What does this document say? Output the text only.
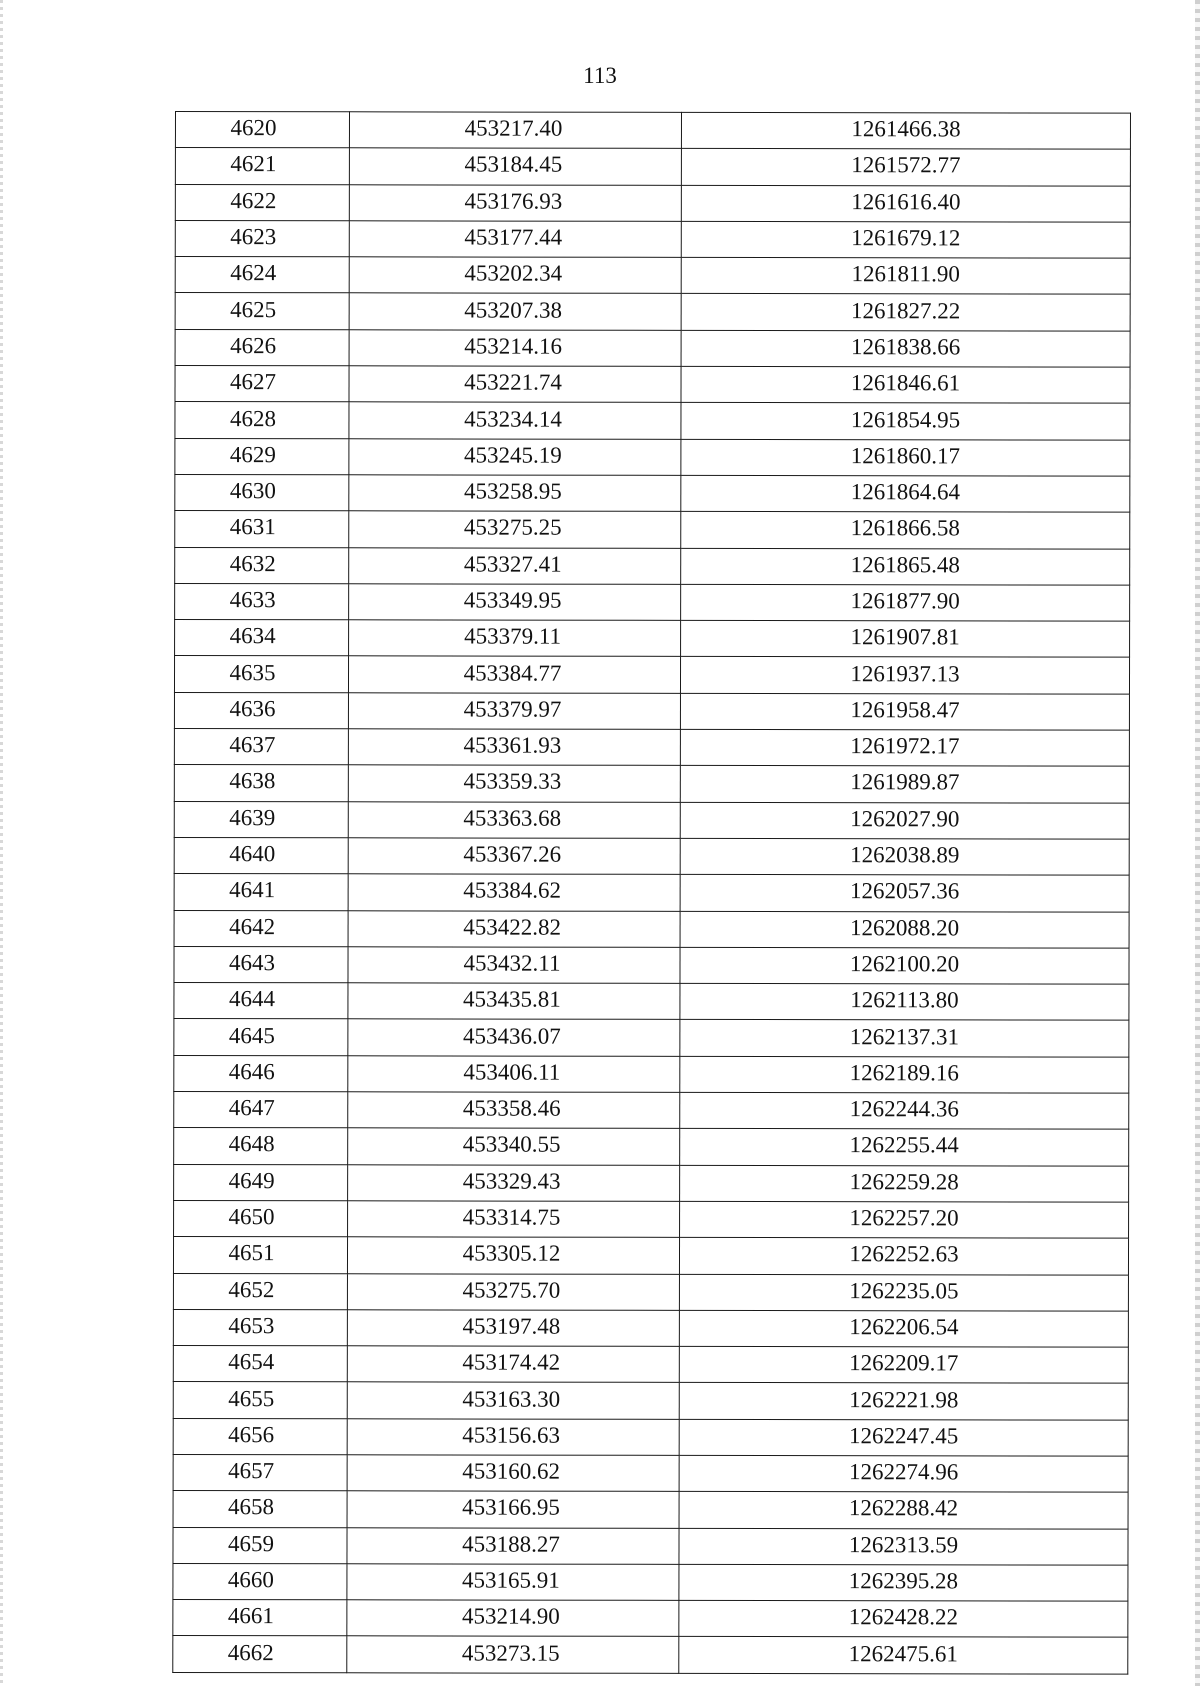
113
4620	453217.40	1261466.38
4621	453184.45	1261572.77
4622	453176.93	1261616.40
4623	453177.44	1261679.12
4624	453202.34	1261811.90
4625	453207.38	1261827.22
4626	453214.16	1261838.66
4627	453221.74	1261846.61
4628	453234.14	1261854.95
4629	453245.19	1261860.17
4630	453258.95	1261864.64
4631	453275.25	1261866.58
4632	453327.41	1261865.48
4633	453349.95	1261877.90
4634	453379.11	1261907.81
4635	453384.77	1261937.13
4636	453379.97	1261958.47
4637	453361.93	1261972.17
4638	453359.33	1261989.87
4639	453363.68	1262027.90
4640	453367.26	1262038.89
4641	453384.62	1262057.36
4642	453422.82	1262088.20
4643	453432.11	1262100.20
4644	453435.81	1262113.80
4645	453436.07	1262137.31
4646	453406.11	1262189.16
4647	453358.46	1262244.36
4648	453340.55	1262255.44
4649	453329.43	1262259.28
4650	453314.75	1262257.20
4651	453305.12	1262252.63
4652	453275.70	1262235.05
4653	453197.48	1262206.54
4654	453174.42	1262209.17
4655	453163.30	1262221.98
4656	453156.63	1262247.45
4657	453160.62	1262274.96
4658	453166.95	1262288.42
4659	453188.27	1262313.59
4660	453165.91	1262395.28
4661	453214.90	1262428.22
4662	453273.15	1262475.61
